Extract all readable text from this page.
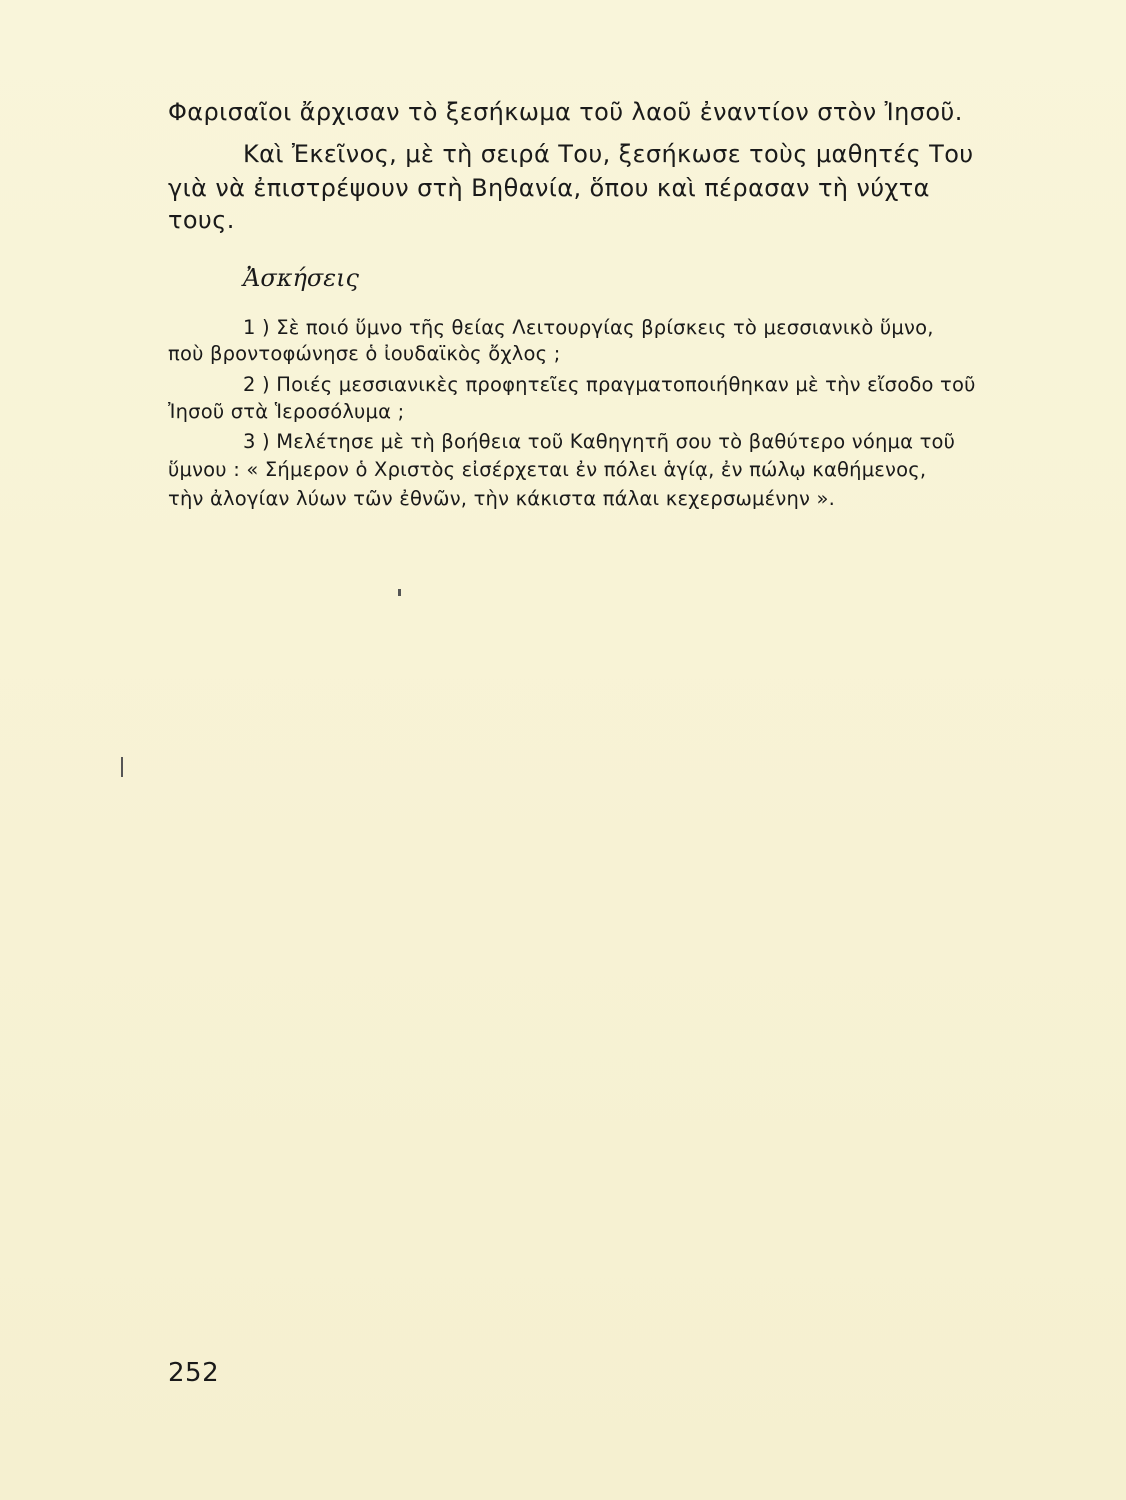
Φαρισαῖοι ἄρχισαν τὸ ξεσήκωμα τοῦ λαοῦ ἐναντίον στὸν Ἰησοῦ.
Καὶ Ἐκεῖνος, μὲ τὴ σειρά Του, ξεσήκωσε τοὺς μαθητές Του
γιὰ νὰ ἐπιστρέψουν στὴ Βηθανία, ὅπου καὶ πέρασαν τὴ νύχτα
τους.
Ἀσκήσεις
1 ) Σὲ ποιό ὕμνο τῆς θείας Λειτουργίας βρίσκεις τὸ μεσσιανικὸ ὕμνο,
ποὺ βροντοφώνησε ὁ ἰουδαϊκὸς ὄχλος ;
2 ) Ποιές μεσσιανικὲς προφητεῖες πραγματοποιήθηκαν μὲ τὴν εἴσοδο τοῦ
Ἰησοῦ στὰ Ἱεροσόλυμα ;
3 ) Μελέτησε μὲ τὴ βοήθεια τοῦ Καθηγητῆ σου τὸ βαθύτερο νόημα τοῦ
ὕμνου : « Σήμερον ὁ Χριστὸς εἰσέρχεται ἐν πόλει ἁγίᾳ, ἐν πώλῳ καθήμενος,
τὴν ἀλογίαν λύων τῶν ἐθνῶν, τὴν κάκιστα πάλαι κεχερσωμένην ».
252
